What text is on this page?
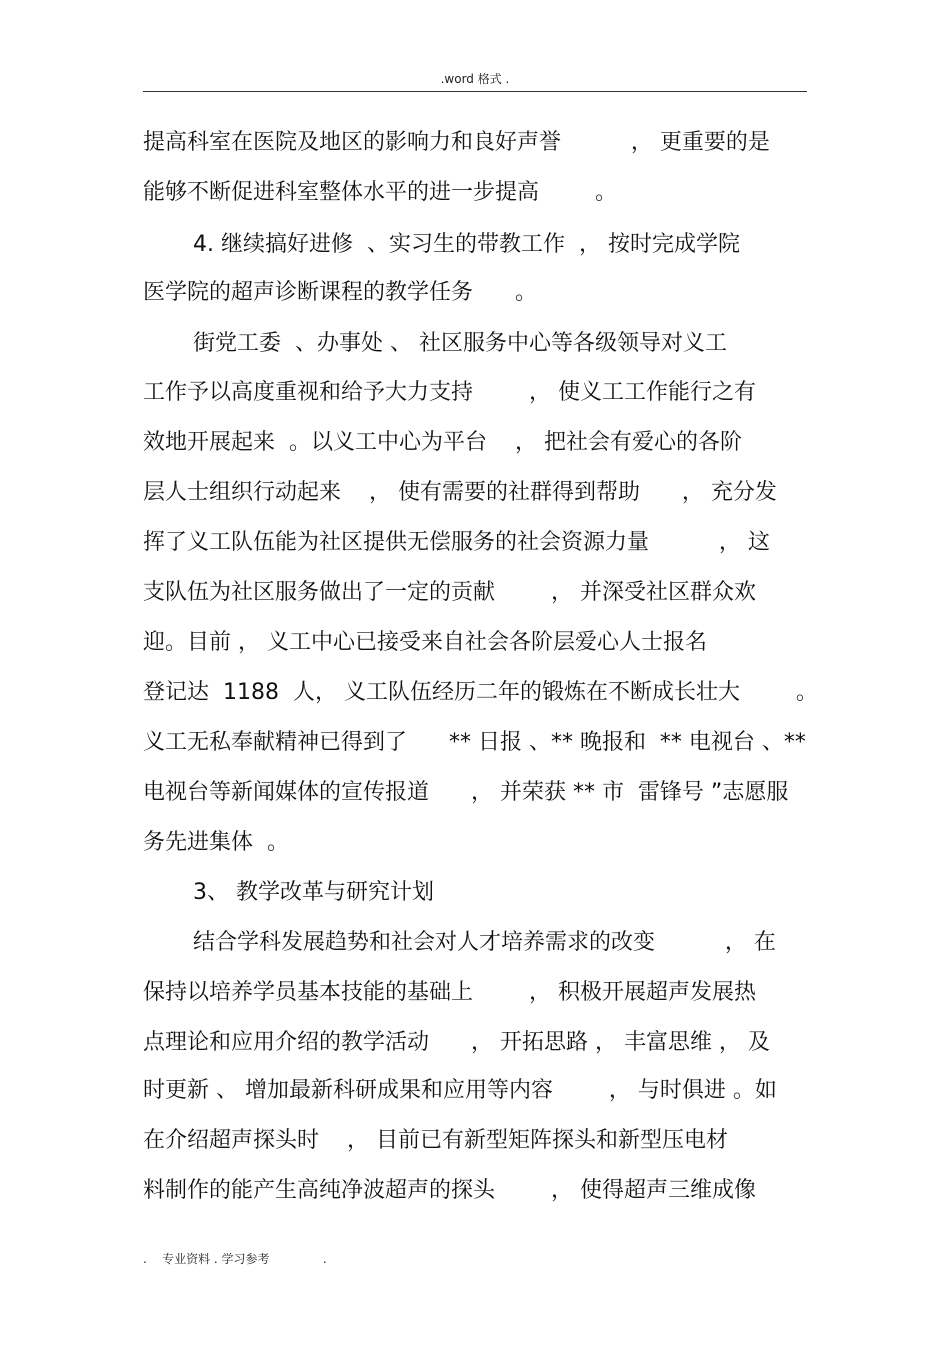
.word 格式 .
提高科室在医院及地区的影响力和良好声誉          ， 更重要的是
能够不断促进科室整体水平的进一步提高        。
4. 继续搞好进修  、实习生的带教工作  ， 按时完成学院
医学院的超声诊断课程的教学任务      。
街党工委  、办事处 、 社区服务中心等各级领导对义工
工作予以高度重视和给予大力支持        ， 使义工工作能行之有
效地开展起来  。以义工中心为平台    ， 把社会有爱心的各阶
层人士组织行动起来    ， 使有需要的社群得到帮助      ， 充分发
挥了义工队伍能为社区提供无偿服务的社会资源力量          ， 这
支队伍为社区服务做出了一定的贡献        ， 并深受社区群众欢
迎。目前 ， 义工中心已接受来自社会各阶层爱心人士报名
登记达  1188  人， 义工队伍经历二年的锻炼在不断成长壮大        。
义工无私奉献精神已得到了      ** 日报 、** 晚报和  ** 电视台 、**
电视台等新闻媒体的宣传报道      ， 并荣获 ** 市  雷锋号 ”志愿服
务先进集体  。
3、 教学改革与研究计划
结合学科发展趋势和社会对人才培养需求的改变          ， 在
保持以培养学员基本技能的基础上        ， 积极开展超声发展热
点理论和应用介绍的教学活动      ， 开拓思路 ， 丰富思维 ， 及
时更新 、 增加最新科研成果和应用等内容        ， 与时俱进 。如
在介绍超声探头时    ， 目前已有新型矩阵探头和新型压电材
料制作的能产生高纯净波超声的探头        ， 使得超声三维成像
.    专业资料 . 学习参考              .
